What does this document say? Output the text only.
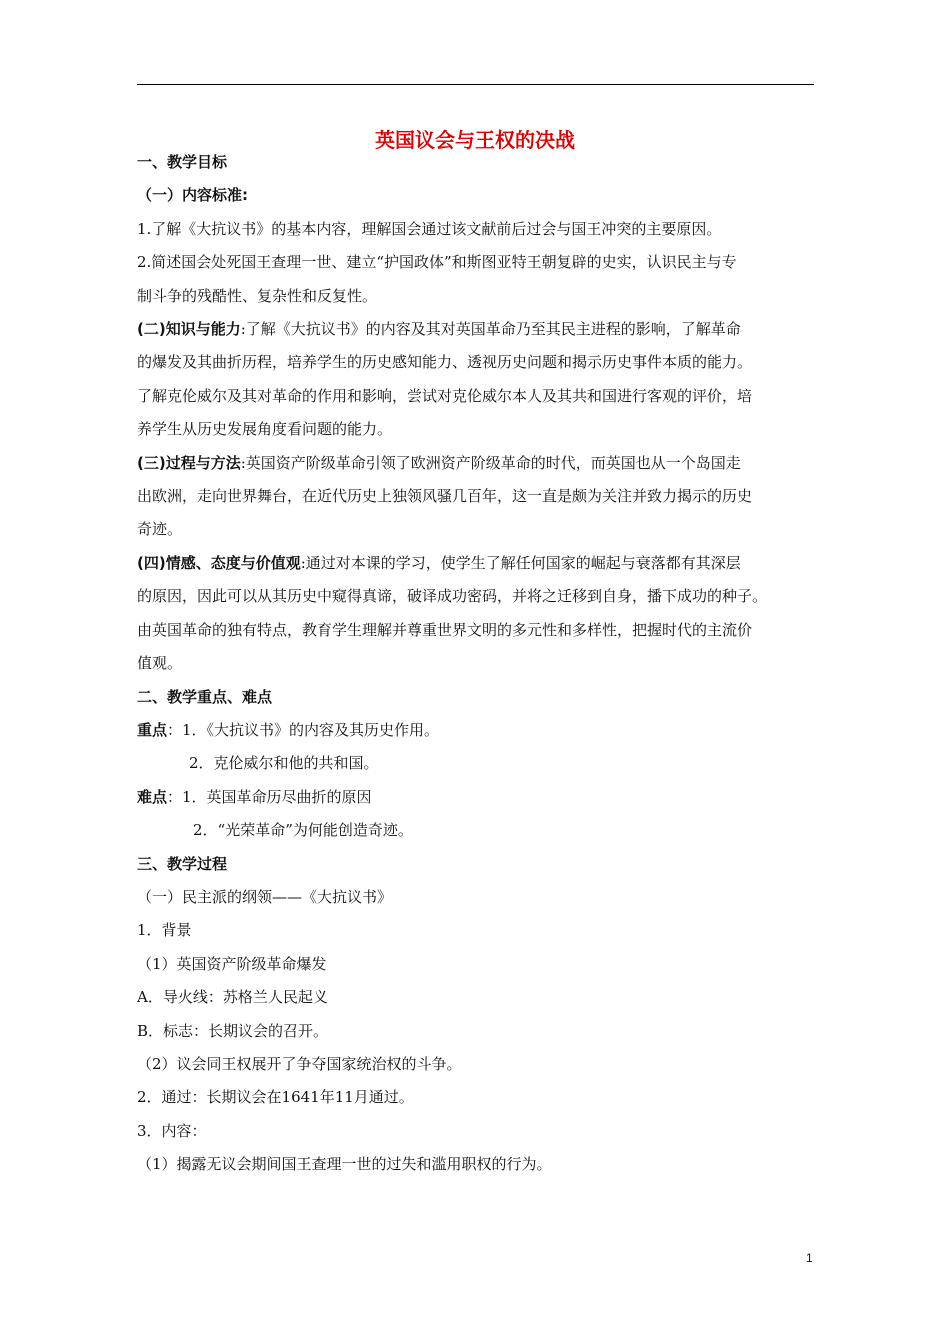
英国议会与王权的决战
一、教学目标
（一）内容标准:
1.了解《大抗议书》的基本内容，理解国会通过该文献前后过会与国王冲突的主要原因。
2.简述国会处死国王查理一世、建立“护国政体”和斯图亚特王朝复辟的史实，认识民主与专
制斗争的残酷性、复杂性和反复性。
(二)知识与能力:了解《大抗议书》的内容及其对英国革命乃至其民主进程的影响，了解革命
的爆发及其曲折历程，培养学生的历史感知能力、透视历史问题和揭示历史事件本质的能力。
了解克伦威尔及其对革命的作用和影响，尝试对克伦威尔本人及其共和国进行客观的评价，培
养学生从历史发展角度看问题的能力。
(三)过程与方法:英国资产阶级革命引领了欧洲资产阶级革命的时代，而英国也从一个岛国走
出欧洲，走向世界舞台，在近代历史上独领风骚几百年，这一直是颇为关注并致力揭示的历史
奇迹。
(四)情感、态度与价值观:通过对本课的学习，使学生了解任何国家的崛起与衰落都有其深层
的原因，因此可以从其历史中窥得真谛，破译成功密码，并将之迁移到自身，播下成功的种子。
由英国革命的独有特点，教育学生理解并尊重世界文明的多元性和多样性，把握时代的主流价
值观。
二、教学重点、难点
重点：1．《大抗议书》的内容及其历史作用。
2．克伦威尔和他的共和国。
难点：1．英国革命历尽曲折的原因
2．“光荣革命”为何能创造奇迹。
三、教学过程
（一）民主派的纲领——《大抗议书》
1．背景
（1）英国资产阶级革命爆发
A．导火线：苏格兰人民起义
B．标志：长期议会的召开。
（2）议会同王权展开了争夺国家统治权的斗争。
2．通过：长期议会在1641年11月通过。
3．内容：
（1）揭露无议会期间国王查理一世的过失和滥用职权的行为。
1
